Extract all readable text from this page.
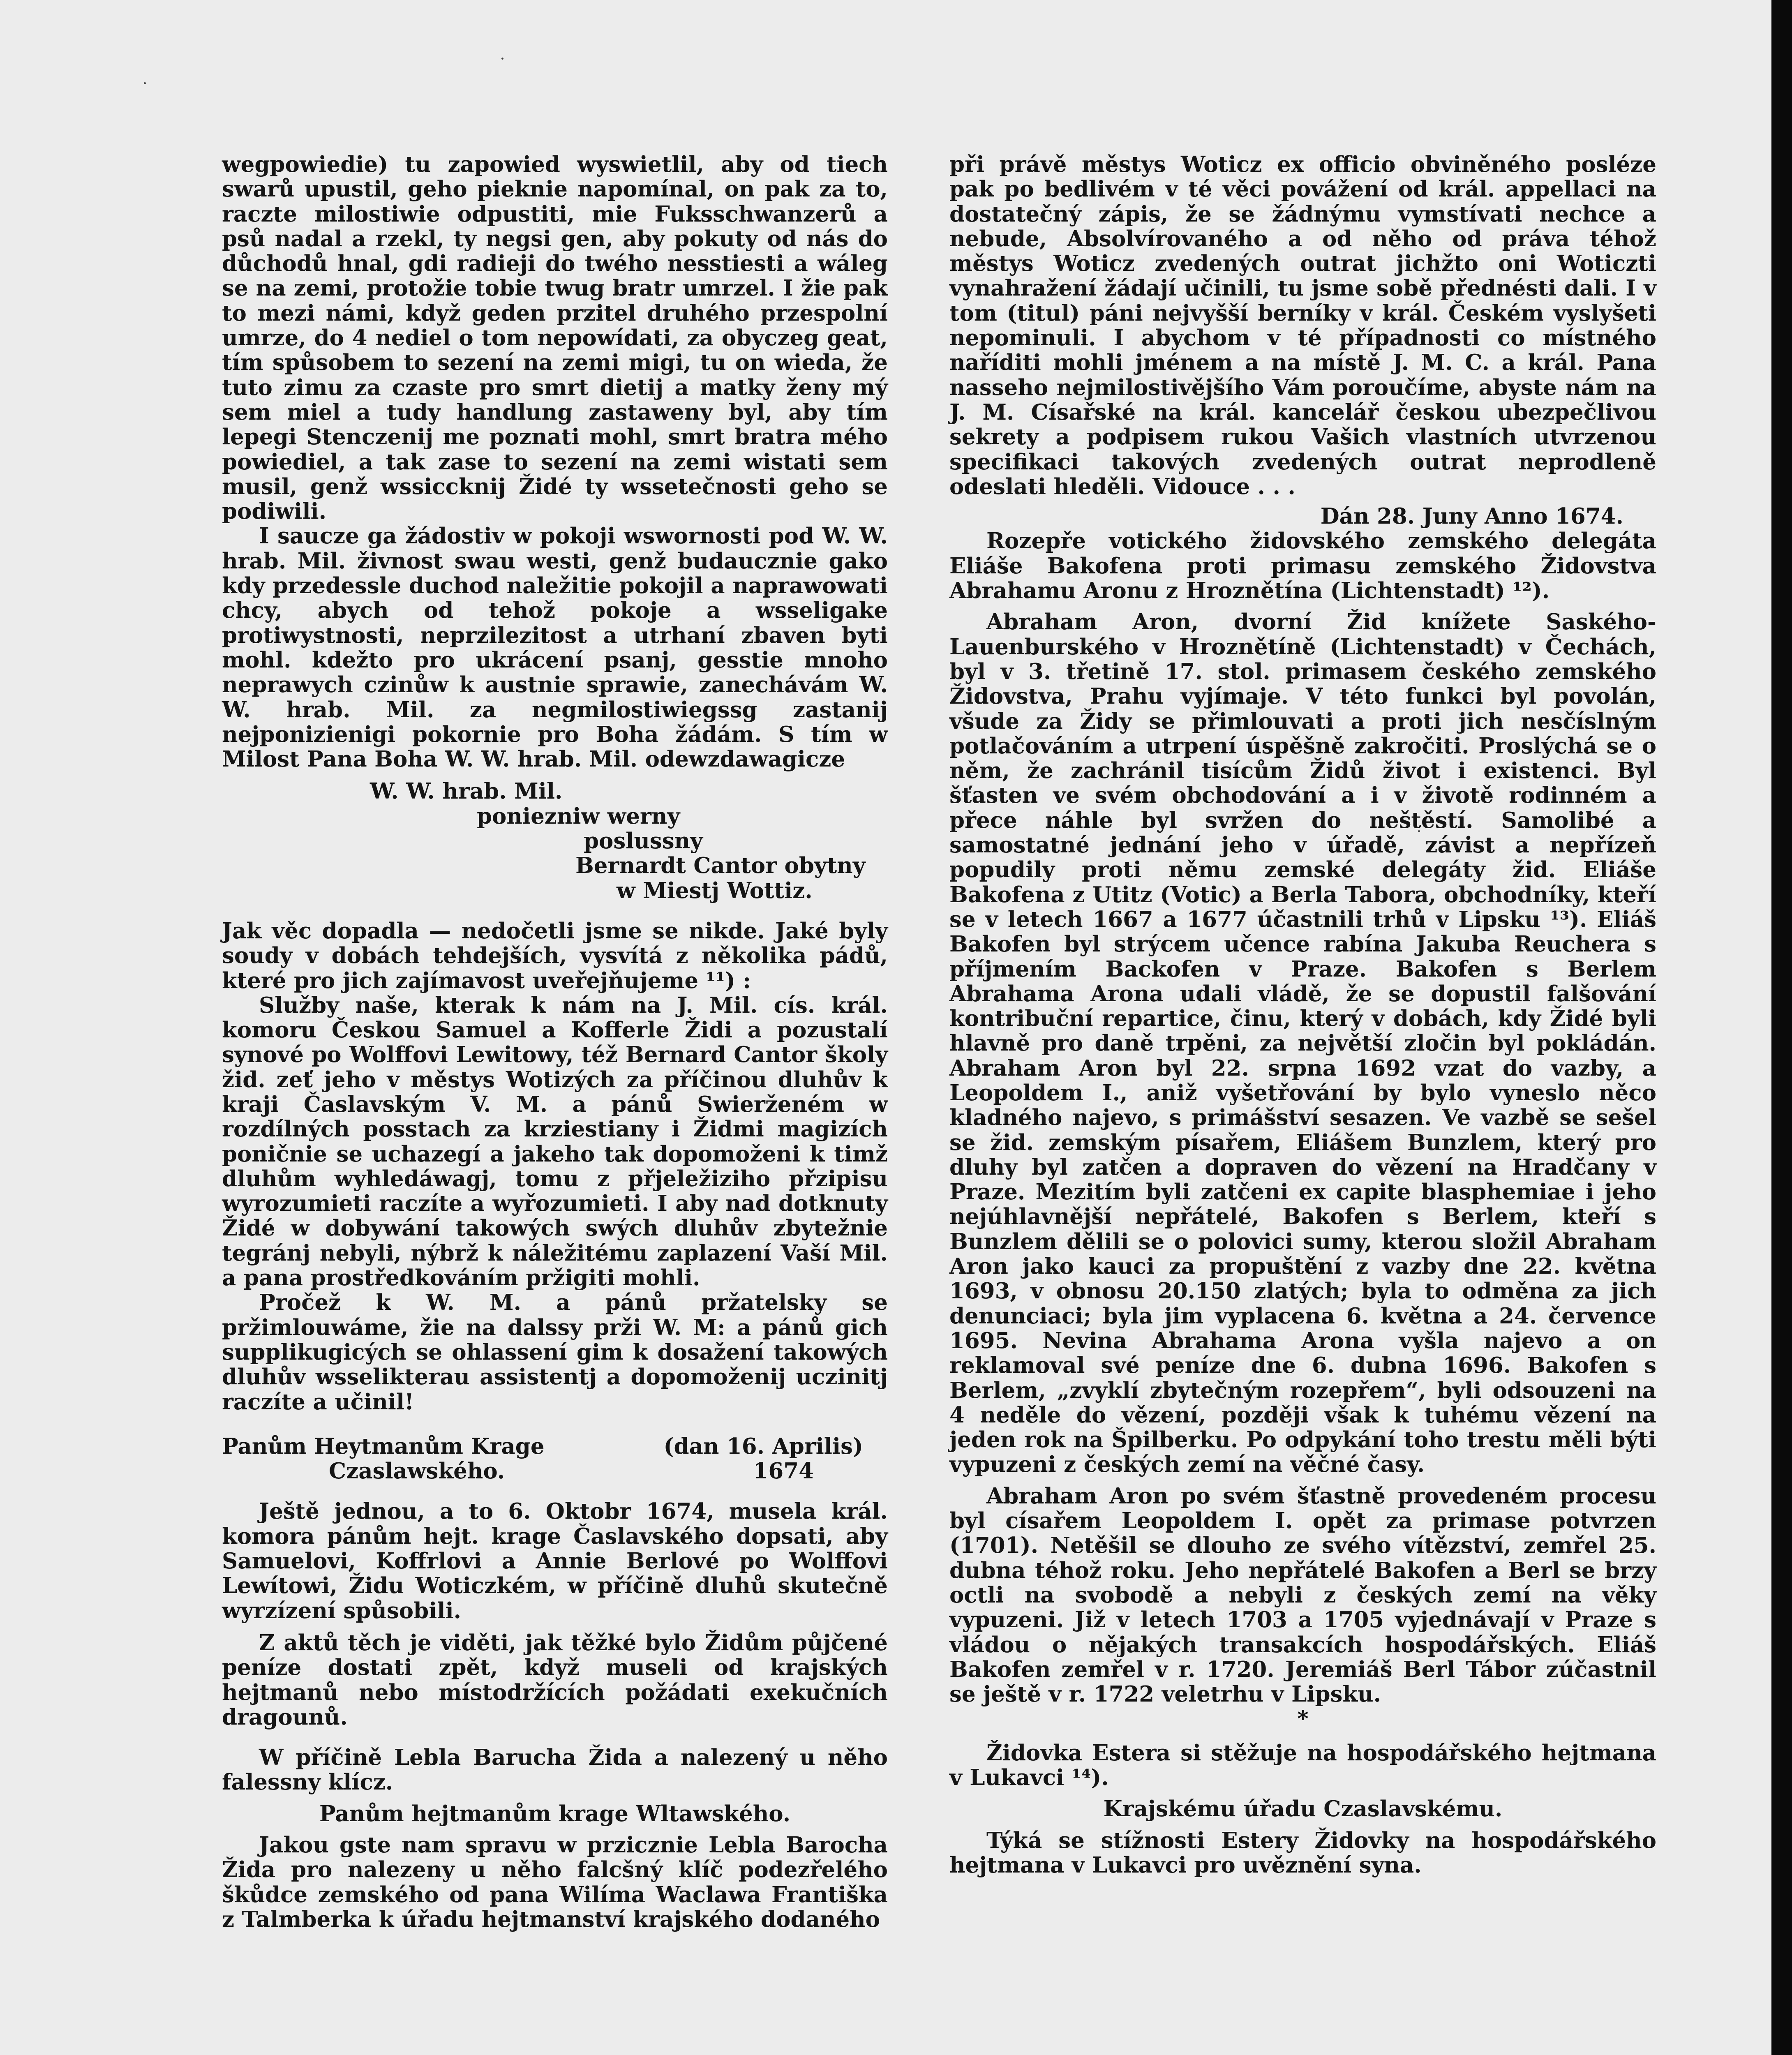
wegpowiedie) tu zapowied wyswietlil, aby od tiech swarů upustil, geho pieknie napomínal, on pak za to, raczte milostiwie odpustiti, mie Fuksschwanzerů a psů nadal a rzekl, ty negsi gen, aby pokuty od nás do důchodů hnal, gdi radieji do twého nesstiesti a wáleg se na zemi, protožie tobie twug bratr umrzel. I žie pak to mezi námi, když geden przitel druhého przespolní umrze, do 4 nediel o tom nepowídati, za obyczeg geat, tím spůsobem to sezení na zemi migi, tu on wieda, že tuto zimu za czaste pro smrt dietij a matky ženy mý sem miel a tudy handlung zastaweny byl, aby tím lepegi Stenczenij me poznati mohl, smrt bratra mého powiediel, a tak zase to sezení na zemi wistati sem musil, genž wssiccknij Židé ty wssetečnosti geho se podiwili.

I saucze ga žádostiv w pokoji wswornosti pod W. W. hrab. Mil. živnost swau westi, genž budaucznie gako kdy przedessle duchod naležitie pokojil a naprawowati chcy, abych od tehož pokoje a wsseligake protiwystnosti, neprzilezitost a utrhaní zbaven byti mohl. kdežto pro ukrácení psanj, gesstie mnoho neprawych czinůw k austnie sprawie, zanechávám W. W. hrab. Mil. za negmilostiwiegssg zastanij nejponizienigi pokornie pro Boha žádám. S tím w Milost Pana Boha W. W. hrab. Mil. odewzdawagicze

W. W. hrab. Mil.

poniezniw werny

poslussny

Bernardt Cantor obytny

w Miestj Wottiz.

Jak věc dopadla — nedočetli jsme se nikde. Jaké byly soudy v dobách tehdejších, vysvítá z několika pádů, které pro jich zajímavost uveřejňujeme ¹¹) :

Služby naše, kterak k nám na J. Mil. cís. král. komoru Českou Samuel a Kofferle Židi a pozustalí synové po Wolffovi Lewitowy, též Bernard Cantor školy žid. zeť jeho v městys Wotizých za příčinou dluhův k kraji Časlavským V. M. a pánů Swierženém w rozdílných posstach za krziestiany i Židmi magizích poničnie se uchazegí a jakeho tak dopomoženi k timž dluhům wyhledáwagj, tomu z přjeležiziho přzipisu wyrozumieti raczíte a wyřozumieti. I aby nad dotknuty Židé w dobywání takowých swých dluhův zbytežnie tegránj nebyli, nýbrž k náležitému zaplazení Vaší Mil. a pana prostředkováním pržigiti mohli.

Pročež k W. M. a pánů pržatelsky se pržimlouwáme, žie na dalssy prži W. M: a pánů gich supplikugicých se ohlassení gim k dosažení takowých dluhův wsselikterau assistentj a dopomoženij uczinitj raczíte a učinil!

Panům Heytmanům Krage
Czaslawského.
(dan 16. Aprilis)
1674

Ještě jednou, a to 6. Oktobr 1674, musela král. komora pánům hejt. krage Časlavského dopsati, aby Samuelovi, Koffrlovi a Annie Berlové po Wolffovi Lewítowi, Židu Woticzkém, w příčině dluhů skutečně wyrzízení spůsobili.

Z aktů těch je viděti, jak těžké bylo Židům půjčené peníze dostati zpět, když museli od krajských hejtmanů nebo místodržících požádati exekučních dragounů.

W příčině Lebla Barucha Žida a nalezený u něho falessny klícz.

Panům hejtmanům krage Wltawského.

Jakou gste nam spravu w przicznie Lebla Barocha Žida pro nalezeny u něho falcšný klíč podezřelého škůdce zemského od pana Wilíma Waclawa Františka z Talmberka k úřadu hejtmanství krajského dodaného

při právě městys Woticz ex officio obviněného posléze pak po bedlivém v té věci povážení od král. appellaci na dostatečný zápis, že se žádnýmu vymstívati nechce a nebude, Absolvírovaného a od něho od práva téhož městys Woticz zvedených outrat jichžto oni Woticzti vynahražení žádají učinili, tu jsme sobě přednésti dali. I v tom (titul) páni nejvyšší berníky v král. Českém vyslyšeti nepominuli. I abychom v té případnosti co místného naříditi mohli jménem a na místě J. M. C. a král. Pana nasseho nejmilostivějšího Vám poroučíme, abyste nám na J. M. Císařské na král. kancelář českou ubezpečlivou sekrety a podpisem rukou Vašich vlastních utvrzenou specifikaci takových zvedených outrat neprodleně odeslati hleděli. Vidouce . . .

Dán 28. Juny Anno 1674.

Rozepře votického židovského zemského delegáta Eliáše Bakofena proti primasu zemského Židovstva Abrahamu Aronu z Hroznětína (Lichtenstadt) ¹²).

Abraham Aron, dvorní Žid knížete Saského-Lauenburského v Hroznětíně (Lichtenstadt) v Čechách, byl v 3. třetině 17. stol. primasem českého zemského Židovstva, Prahu vyjímaje. V této funkci byl povolán, všude za Židy se přimlouvati a proti jich nesčíslným potlačováním a utrpení úspěšně zakročiti. Proslýchá se o něm, že zachránil tisícům Židů život i existenci. Byl šťasten ve svém obchodování a i v životě rodinném a přece náhle byl svržen do neštěstí. Samolibé a samostatné jednání jeho v úřadě, závist a nepřízeň popudily proti němu zemské delegáty žid. Eliáše Bakofena z Utitz (Votic) a Berla Tabora, obchodníky, kteří se v letech 1667 a 1677 účastnili trhů v Lipsku ¹³). Eliáš Bakofen byl strýcem učence rabína Jakuba Reuchera s příjmením Backofen v Praze. Bakofen s Berlem Abrahama Arona udali vládě, že se dopustil falšování kontribuční repartice, činu, který v dobách, kdy Židé byli hlavně pro daně trpěni, za největší zločin byl pokládán. Abraham Aron byl 22. srpna 1692 vzat do vazby, a Leopoldem I., aniž vyšetřování by bylo vyneslo něco kladného najevo, s primášství sesazen. Ve vazbě se sešel se žid. zemským písařem, Eliášem Bunzlem, který pro dluhy byl zatčen a dopraven do vězení na Hradčany v Praze. Mezitím byli zatčeni ex capite blasphemiae i jeho nejúhlavnější nepřátelé, Bakofen s Berlem, kteří s Bunzlem dělili se o polovici sumy, kterou složil Abraham Aron jako kauci za propuštění z vazby dne 22. května 1693, v obnosu 20.150 zlatých; byla to odměna za jich denunciaci; byla jim vyplacena 6. května a 24. července 1695. Nevina Abrahama Arona vyšla najevo a on reklamoval své peníze dne 6. dubna 1696. Bakofen s Berlem, „zvyklí zbytečným rozepřem“, byli odsouzeni na 4 neděle do vězení, později však k tuhému vězení na jeden rok na Špilberku. Po odpykání toho trestu měli býti vypuzeni z českých zemí na věčné časy.

Abraham Aron po svém šťastně provedeném procesu byl císařem Leopoldem I. opět za primase potvrzen (1701). Netěšil se dlouho ze svého vítězství, zemřel 25. dubna téhož roku. Jeho nepřátelé Bakofen a Berl se brzy octli na svobodě a nebyli z českých zemí na věky vypuzeni. Již v letech 1703 a 1705 vyjednávají v Praze s vládou o nějakých transakcích hospodářských. Eliáš Bakofen zemřel v r. 1720. Jeremiáš Berl Tábor zúčastnil se ještě v r. 1722 veletrhu v Lipsku.

*

Židovka Estera si stěžuje na hospodářského hejtmana v Lukavci ¹⁴).

Krajskému úřadu Czaslavskému.

Týká se stížnosti Estery Židovky na hospodářského hejtmana v Lukavci pro uvěznění syna.
